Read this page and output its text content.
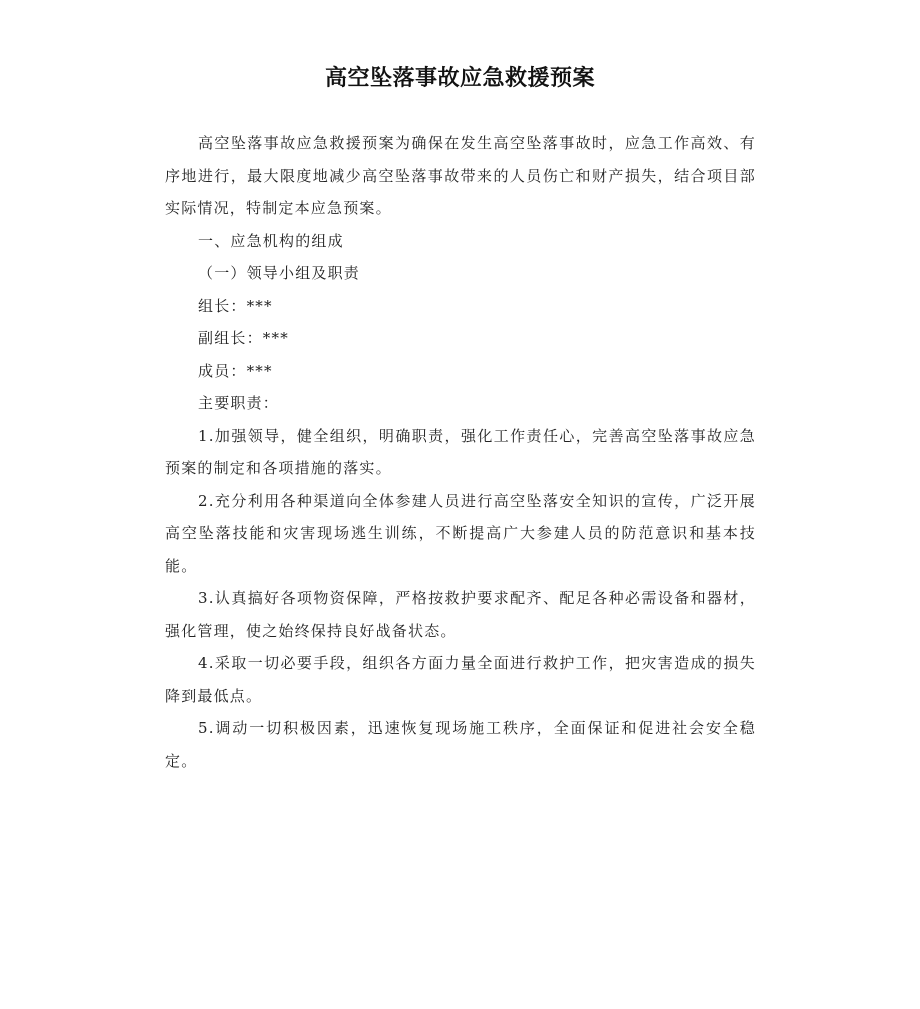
高空坠落事故应急救援预案

高空坠落事故应急救援预案为确保在发生高空坠落事故时，应急工作高效、有序地进行，最大限度地减少高空坠落事故带来的人员伤亡和财产损失，结合项目部实际情况，特制定本应急预案。

一、应急机构的组成

（一）领导小组及职责

组长：***

副组长：***

成员：***

主要职责：

1.加强领导，健全组织，明确职责，强化工作责任心，完善高空坠落事故应急预案的制定和各项措施的落实。

2.充分利用各种渠道向全体参建人员进行高空坠落安全知识的宣传，广泛开展高空坠落技能和灾害现场逃生训练，不断提高广大参建人员的防范意识和基本技能。

3.认真搞好各项物资保障，严格按救护要求配齐、配足各种必需设备和器材，强化管理，使之始终保持良好战备状态。

4.采取一切必要手段，组织各方面力量全面进行救护工作，把灾害造成的损失降到最低点。

5.调动一切积极因素，迅速恢复现场施工秩序，全面保证和促进社会安全稳定。
